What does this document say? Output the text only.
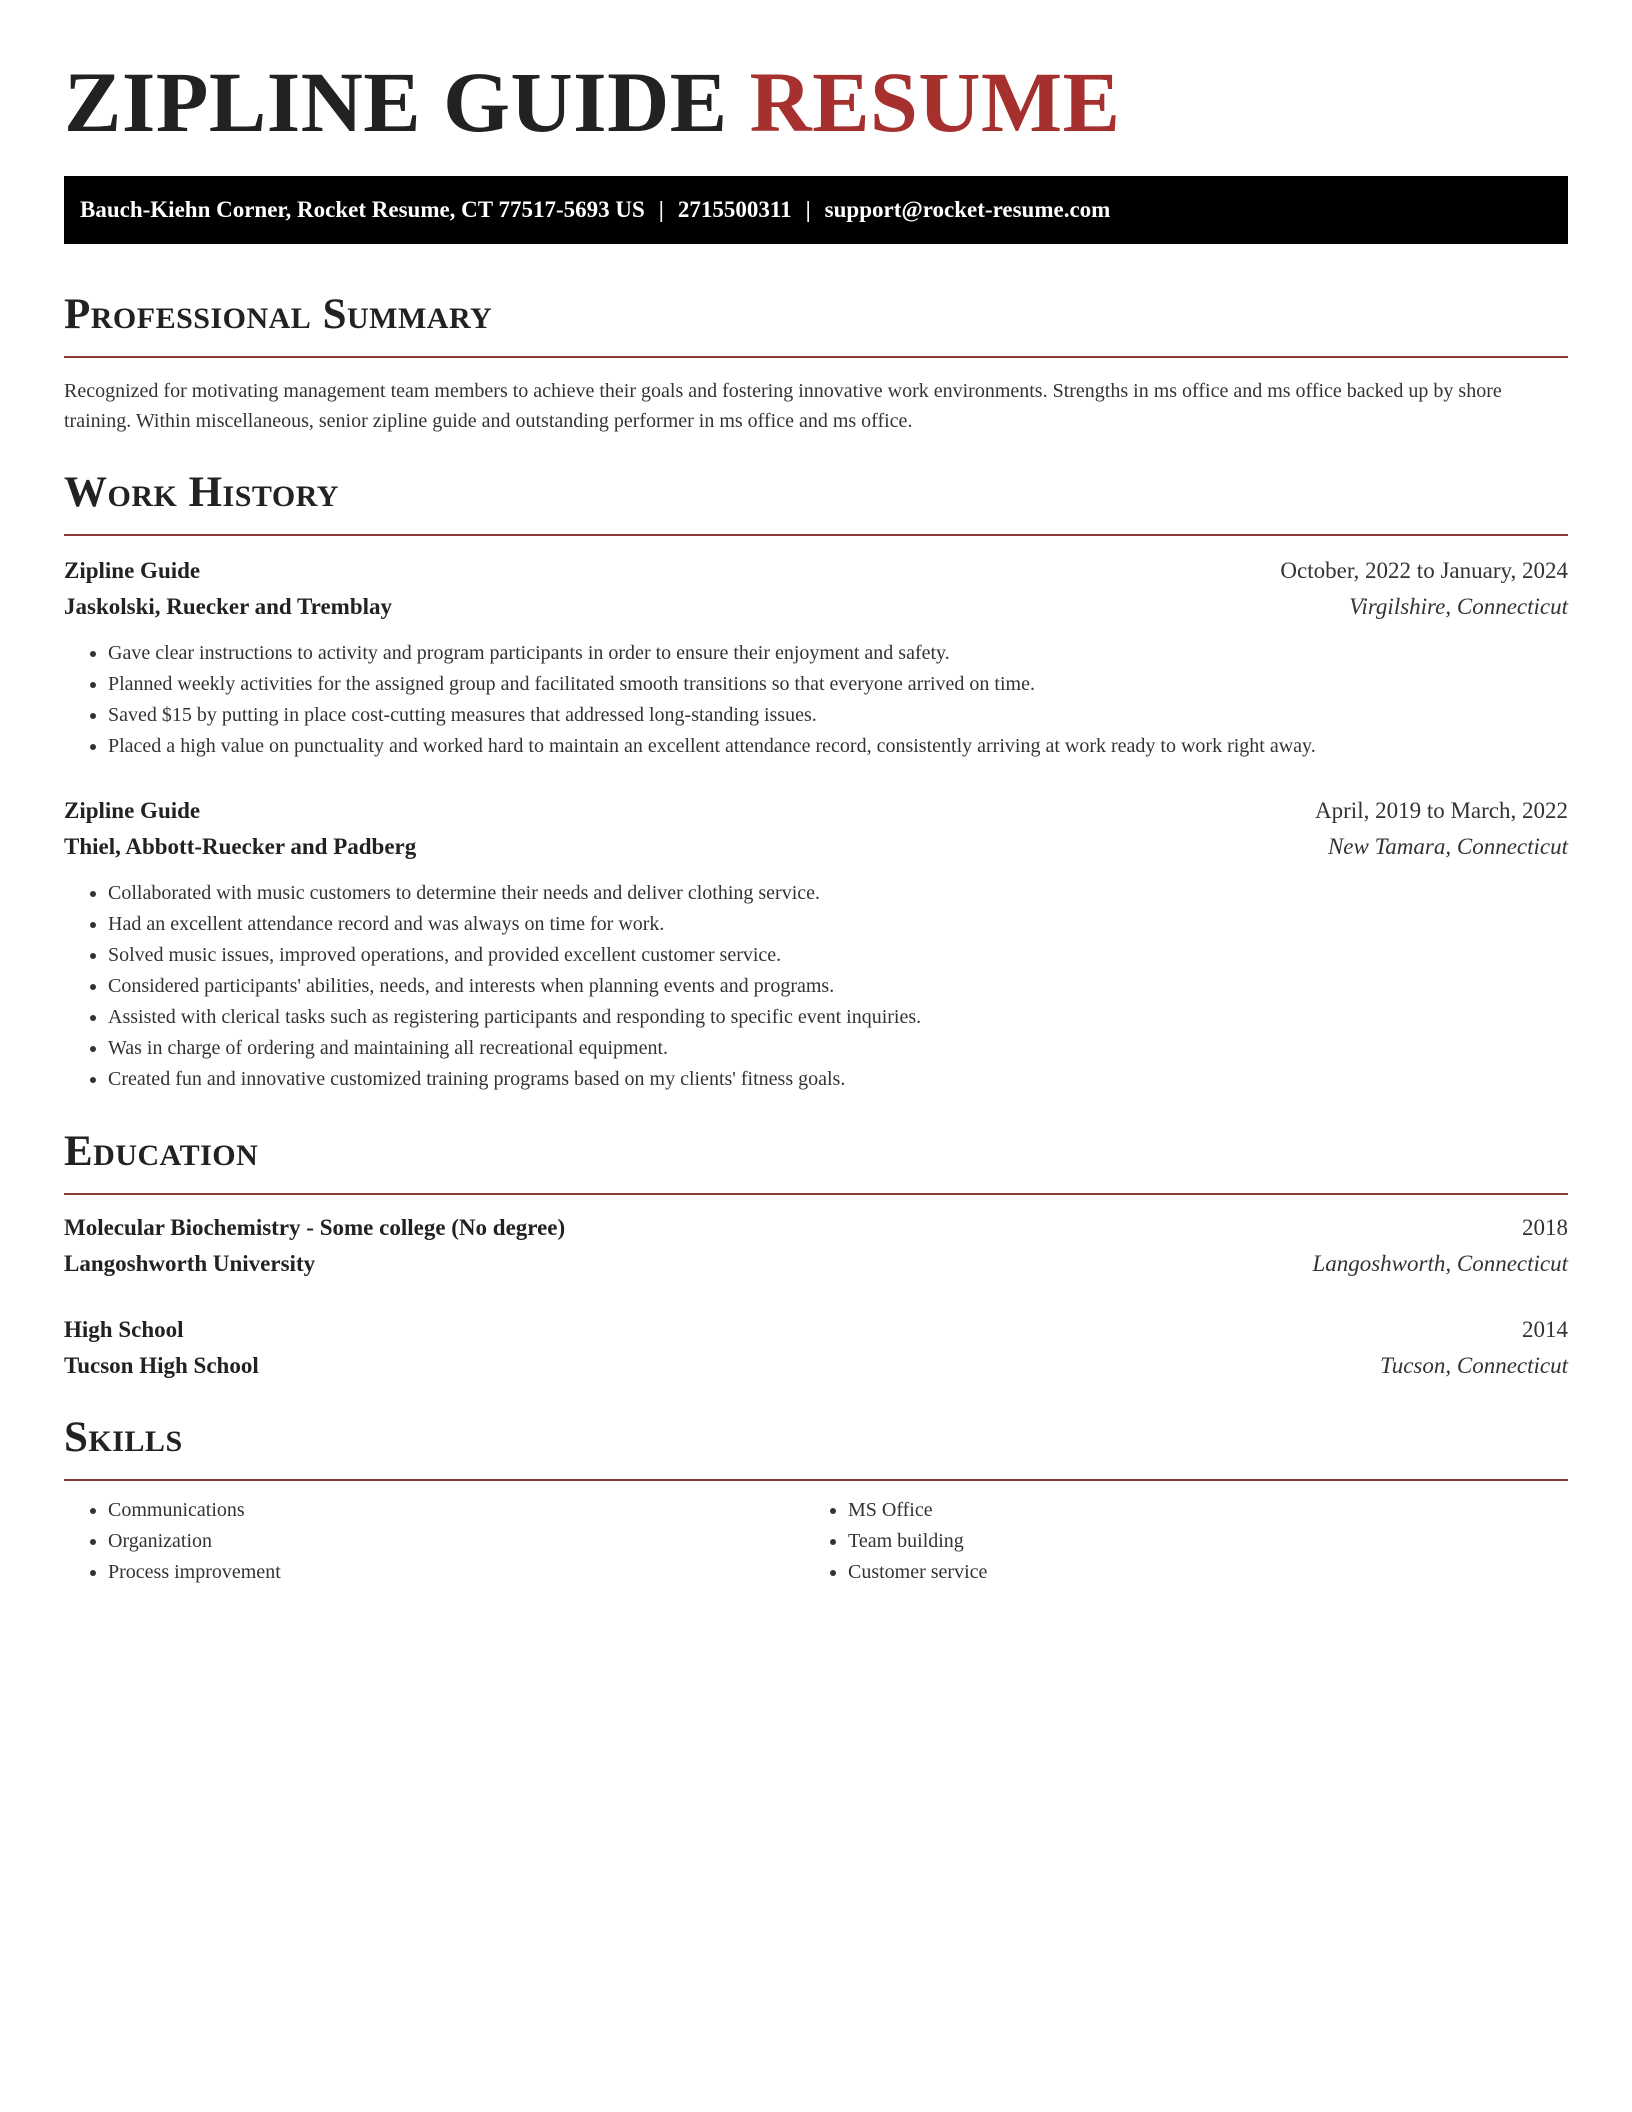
ZIPLINE GUIDE RESUME
Bauch-Kiehn Corner, Rocket Resume, CT 77517-5693 US | 2715500311 | support@rocket-resume.com
Professional Summary

Recognized for motivating management team members to achieve their goals and fostering innovative work environments. Strengths in ms office and ms office backed up by shore training. Within miscellaneous, senior zipline guide and outstanding performer in ms office and ms office.

Work History
Zipline Guide	October, 2022 to January, 2024
Jaskolski, Ruecker and Tremblay	Virgilshire, Connecticut
• Gave clear instructions to activity and program participants in order to ensure their enjoyment and safety.
• Planned weekly activities for the assigned group and facilitated smooth transitions so that everyone arrived on time.
• Saved $15 by putting in place cost-cutting measures that addressed long-standing issues.
• Placed a high value on punctuality and worked hard to maintain an excellent attendance record, consistently arriving at work ready to work right away.
Zipline Guide	April, 2019 to March, 2022
Thiel, Abbott-Ruecker and Padberg	New Tamara, Connecticut
• Collaborated with music customers to determine their needs and deliver clothing service.
• Had an excellent attendance record and was always on time for work.
• Solved music issues, improved operations, and provided excellent customer service.
• Considered participants' abilities, needs, and interests when planning events and programs.
• Assisted with clerical tasks such as registering participants and responding to specific event inquiries.
• Was in charge of ordering and maintaining all recreational equipment.
• Created fun and innovative customized training programs based on my clients' fitness goals.
Education
Molecular Biochemistry - Some college (No degree)	2018
Langoshworth University	Langoshworth, Connecticut
High School	2014
Tucson High School	Tucson, Connecticut
Skills
• Communications
• Organization
• Process improvement
• MS Office
• Team building
• Customer service
